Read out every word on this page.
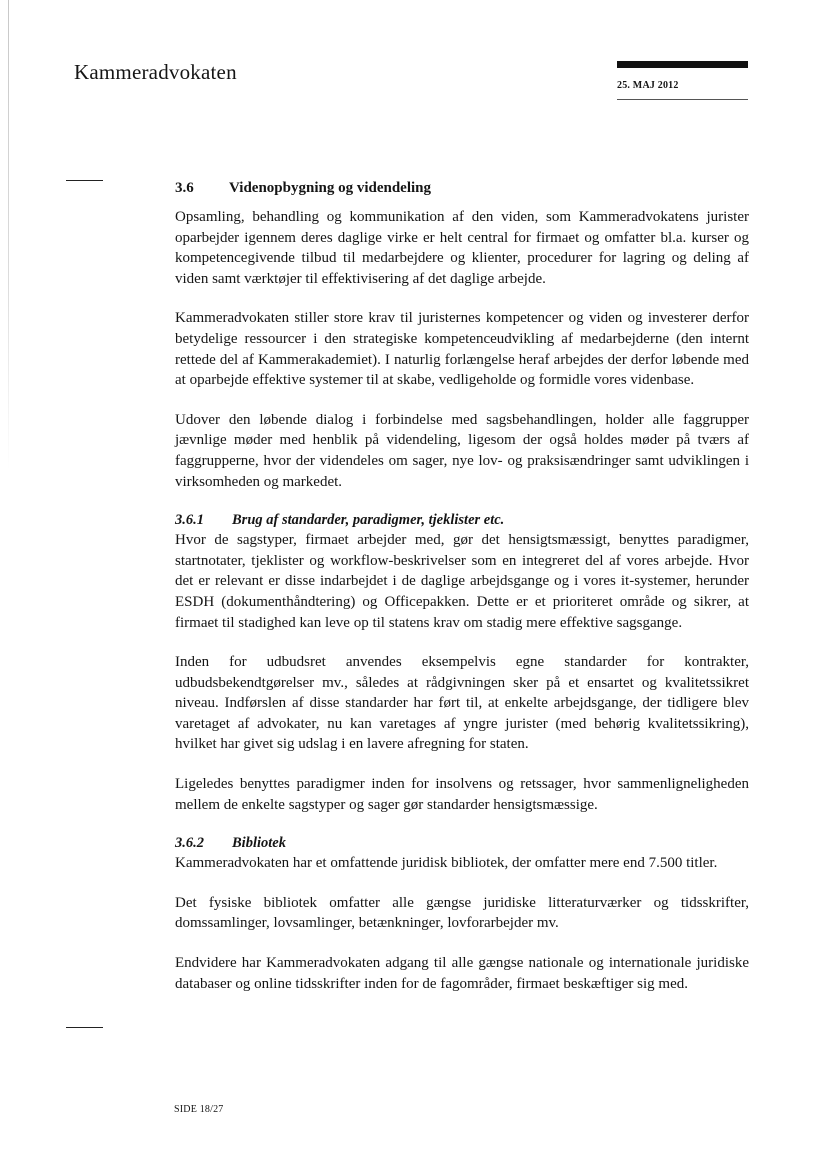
Kammeradvokaten
25. MAJ 2012
3.6	Videnopbygning og videndeling

Opsamling, behandling og kommunikation af den viden, som Kammeradvokatens jurister oparbejder igennem deres daglige virke er helt central for firmaet og omfatter bl.a. kurser og kompetencegivende tilbud til medarbejdere og klienter, procedurer for lagring og deling af viden samt værktøjer til effektivisering af det daglige arbejde.

Kammeradvokaten stiller store krav til juristernes kompetencer og viden og investerer derfor betydelige ressourcer i den strategiske kompetenceudvikling af medarbejderne (den internt rettede del af Kammerakademiet). I naturlig forlængelse heraf arbejdes der derfor løbende med at oparbejde effektive systemer til at skabe, vedligeholde og formidle vores videnbase.

Udover den løbende dialog i forbindelse med sagsbehandlingen, holder alle faggrupper jævnlige møder med henblik på videndeling, ligesom der også holdes møder på tværs af faggrupperne, hvor der videndeles om sager, nye lov- og praksisændringer samt udviklingen i virksomheden og markedet.

3.6.1	Brug af standarder, paradigmer, tjeklister etc.

Hvor de sagstyper, firmaet arbejder med, gør det hensigtsmæssigt, benyttes paradigmer, startnotater, tjeklister og workflow-beskrivelser som en integreret del af vores arbejde. Hvor det er relevant er disse indarbejdet i de daglige arbejdsgange og i vores it-systemer, herunder ESDH (dokumenthåndtering) og Officepakken. Dette er et prioriteret område og sikrer, at firmaet til stadighed kan leve op til statens krav om stadig mere effektive sagsgange.

Inden for udbudsret anvendes eksempelvis egne standarder for kontrakter, udbudsbekendtgørelser mv., således at rådgivningen sker på et ensartet og kvalitetssikret niveau. Indførslen af disse standarder har ført til, at enkelte arbejdsgange, der tidligere blev varetaget af advokater, nu kan varetages af yngre jurister (med behørig kvalitetssikring), hvilket har givet sig udslag i en lavere afregning for staten.

Ligeledes benyttes paradigmer inden for insolvens og retssager, hvor sammenligneligheden mellem de enkelte sagstyper og sager gør standarder hensigtsmæssige.

3.6.2	Bibliotek

Kammeradvokaten har et omfattende juridisk bibliotek, der omfatter mere end 7.500 titler.

Det fysiske bibliotek omfatter alle gængse juridiske litteraturværker og tidsskrifter, domssamlinger, lovsamlinger, betænkninger, lovforarbejder mv.

Endvidere har Kammeradvokaten adgang til alle gængse nationale og internationale juridiske databaser og online tidsskrifter inden for de fagområder, firmaet beskæftiger sig med.

SIDE 18/27
